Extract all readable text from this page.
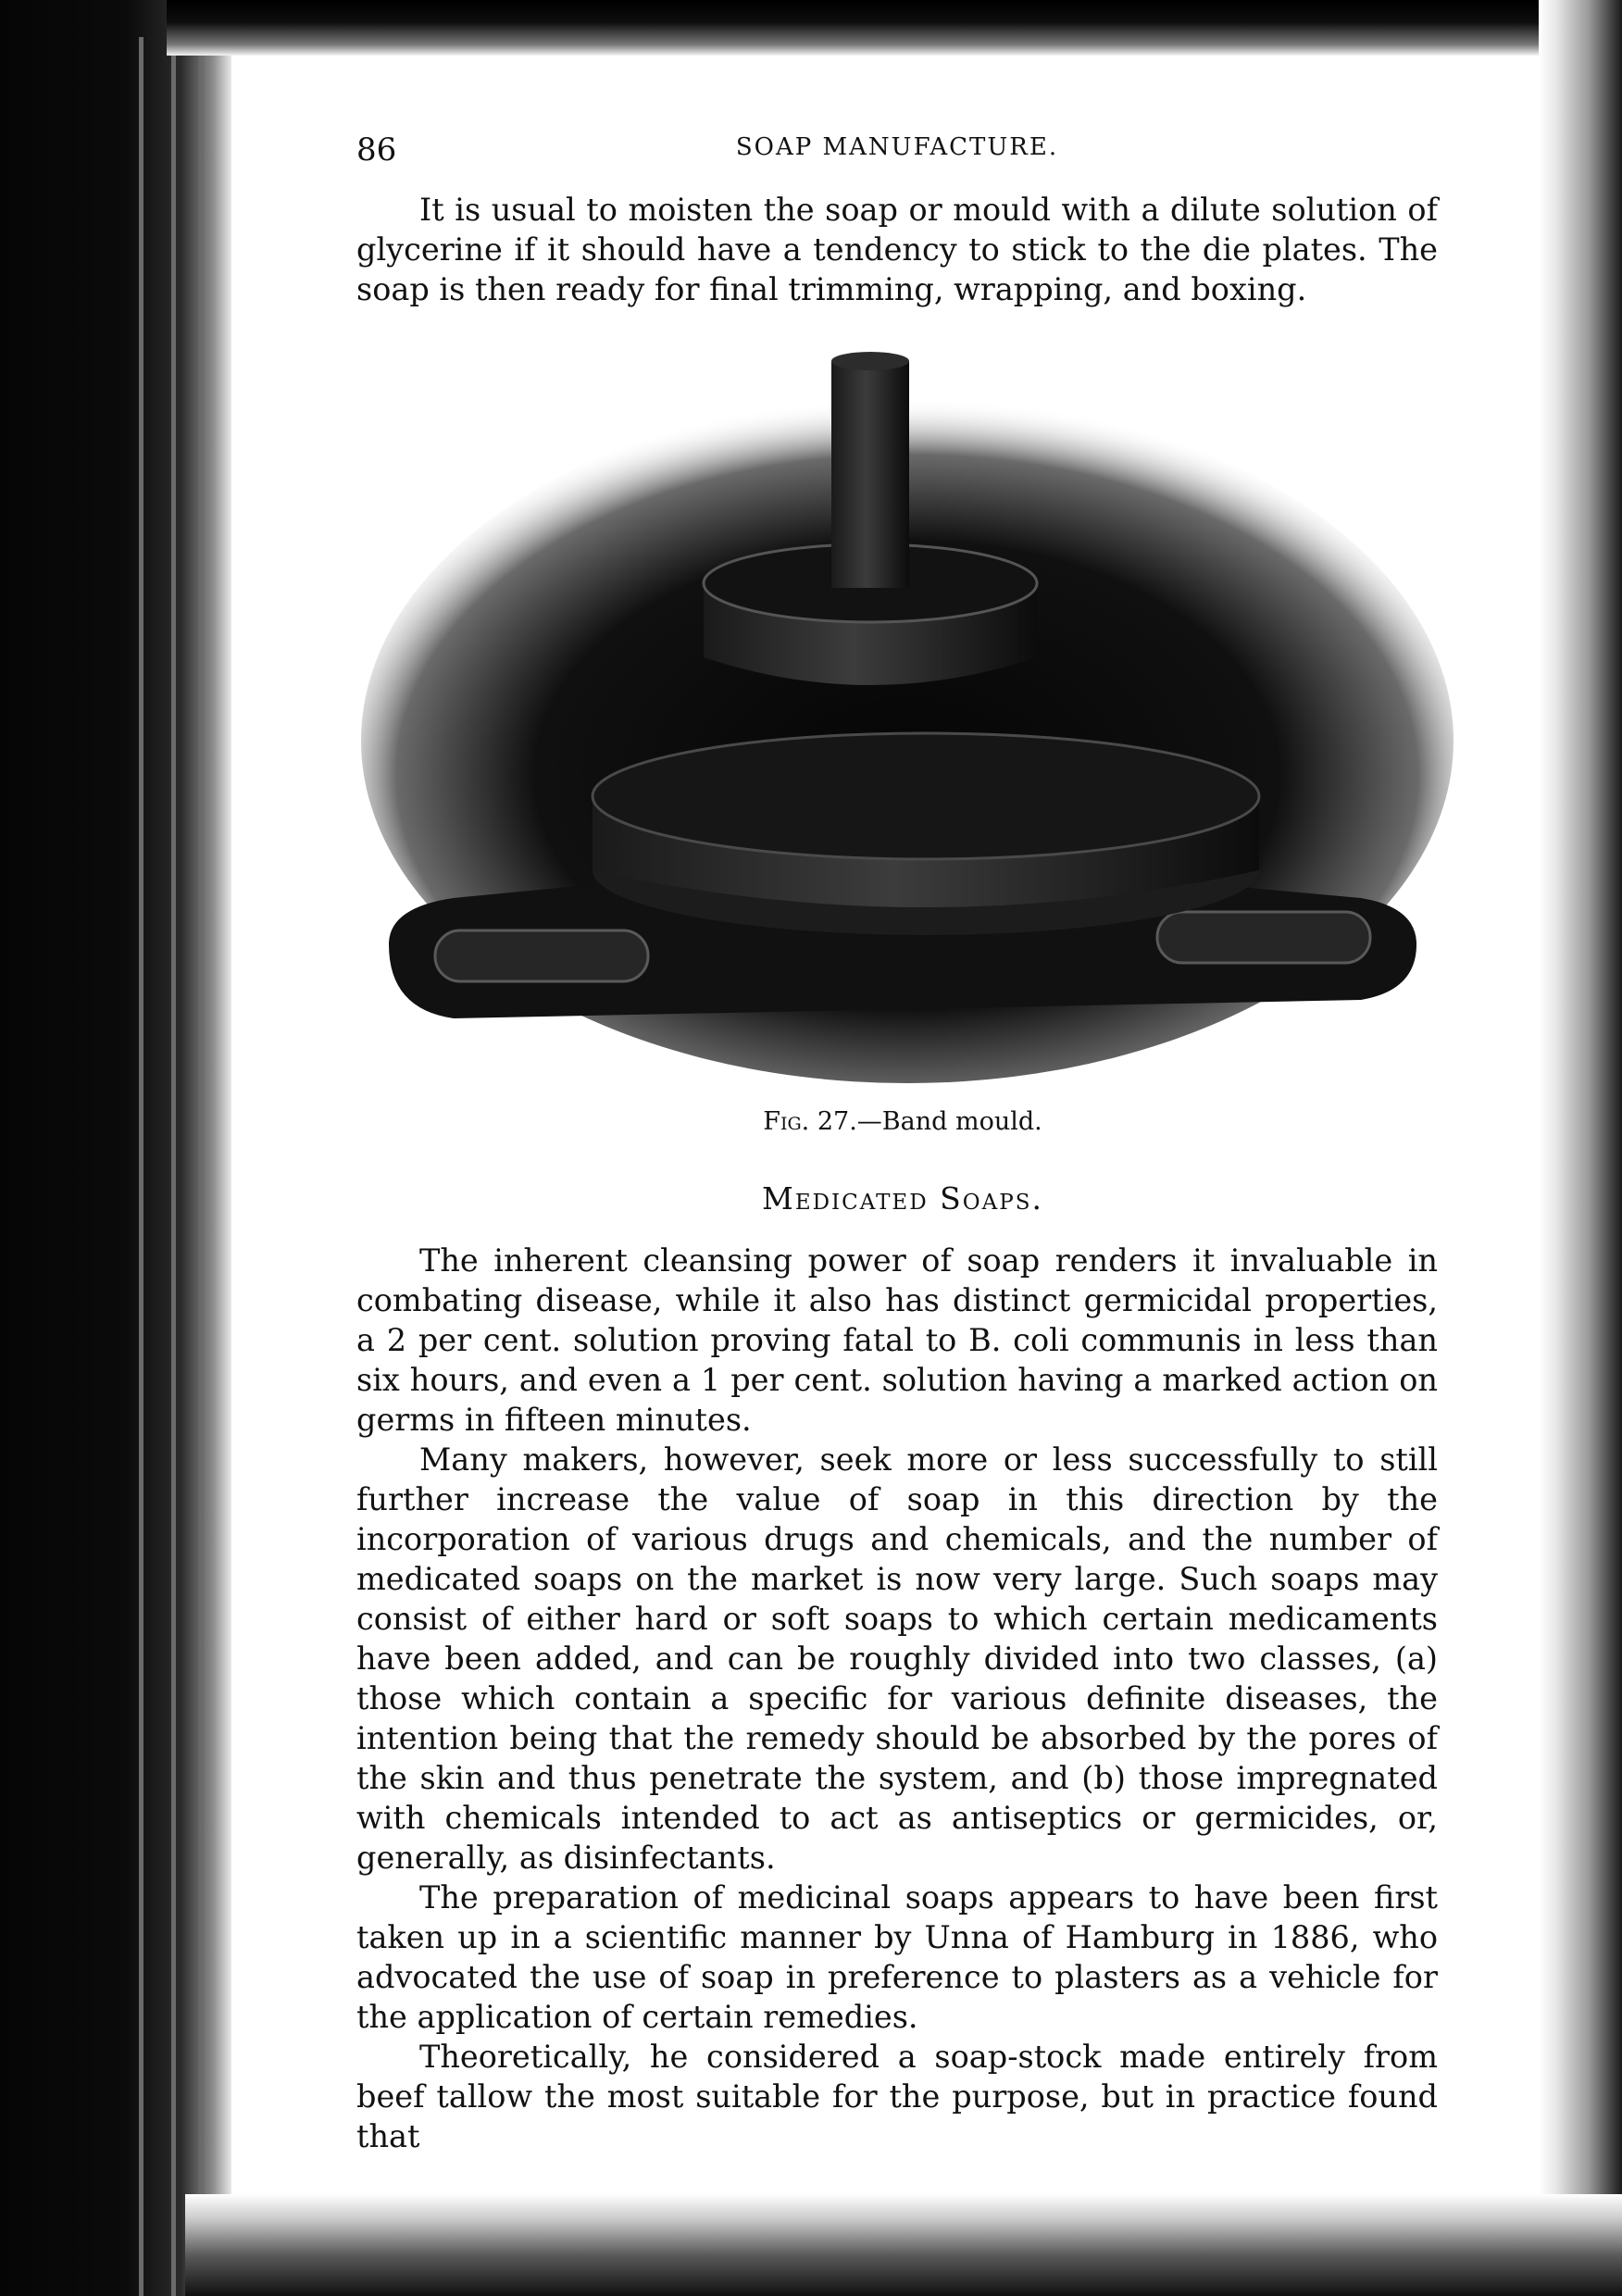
86	SOAP MANUFACTURE.

It is usual to moisten the soap or mould with a dilute solution of glycerine if it should have a tendency to stick to the die plates. The soap is then ready for final trimming, wrapping, and boxing.

Fig. 27.—Band mould.
Medicated Soaps.

The inherent cleansing power of soap renders it invaluable in combating disease, while it also has distinct germicidal properties, a 2 per cent. solution proving fatal to B. coli communis in less than six hours, and even a 1 per cent. solution having a marked action on germs in fifteen minutes.

Many makers, however, seek more or less successfully to still further increase the value of soap in this direction by the incorporation of various drugs and chemicals, and the number of medicated soaps on the market is now very large. Such soaps may consist of either hard or soft soaps to which certain medicaments have been added, and can be roughly divided into two classes, (a) those which contain a specific for various definite diseases, the intention being that the remedy should be absorbed by the pores of the skin and thus penetrate the system, and (b) those impregnated with chemicals intended to act as antiseptics or germicides, or, generally, as disinfectants.

The preparation of medicinal soaps appears to have been first taken up in a scientific manner by Unna of Hamburg in 1886, who advocated the use of soap in preference to plasters as a vehicle for the application of certain remedies.

Theoretically, he considered a soap-stock made entirely from beef tallow the most suitable for the purpose, but in practice found that
